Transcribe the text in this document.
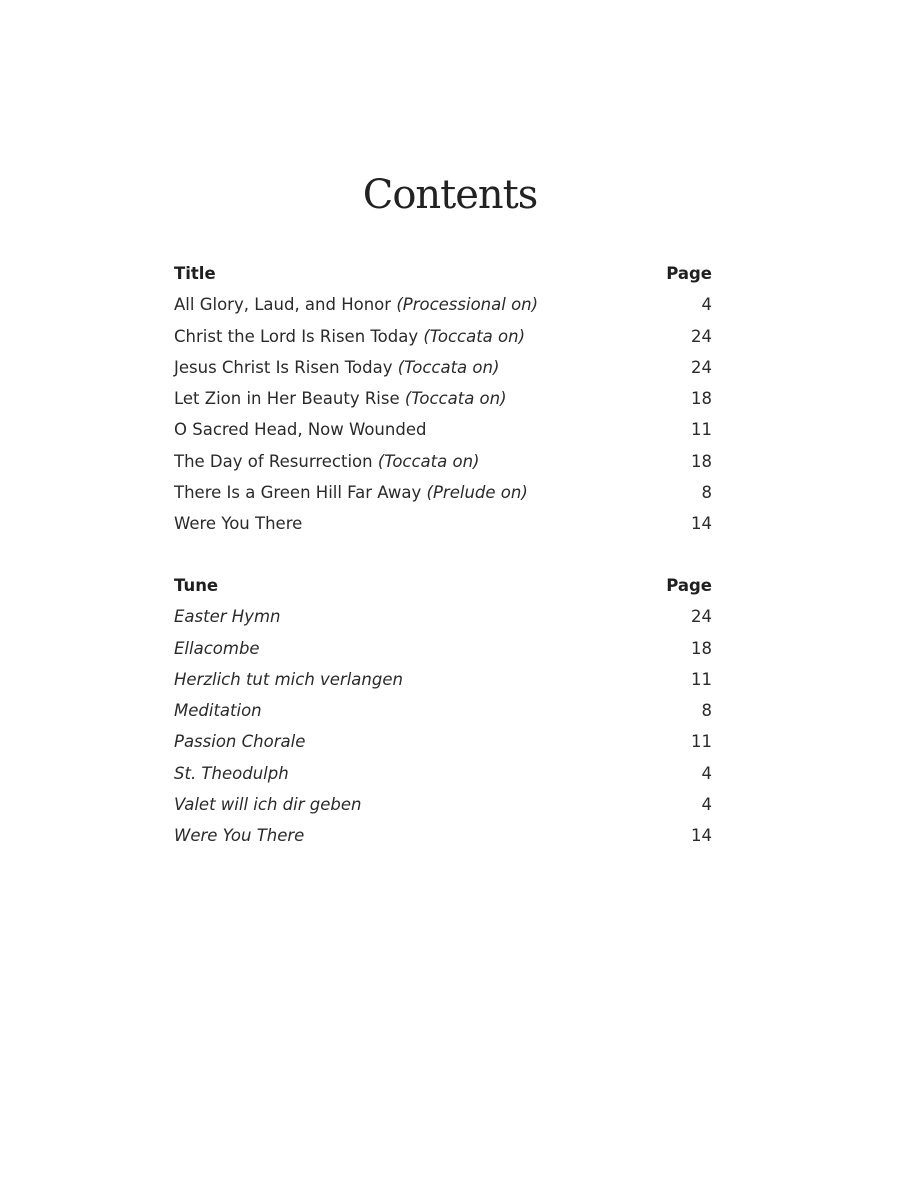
Contents
Title	Page
All Glory, Laud, and Honor (Processional on)	4
Christ the Lord Is Risen Today (Toccata on)	24
Jesus Christ Is Risen Today (Toccata on)	24
Let Zion in Her Beauty Rise (Toccata on)	18
O Sacred Head, Now Wounded	11
The Day of Resurrection (Toccata on)	18
There Is a Green Hill Far Away (Prelude on)	8
Were You There	14
Tune	Page
Easter Hymn	24
Ellacombe	18
Herzlich tut mich verlangen	11
Meditation	8
Passion Chorale	11
St. Theodulph	4
Valet will ich dir geben	4
Were You There	14
